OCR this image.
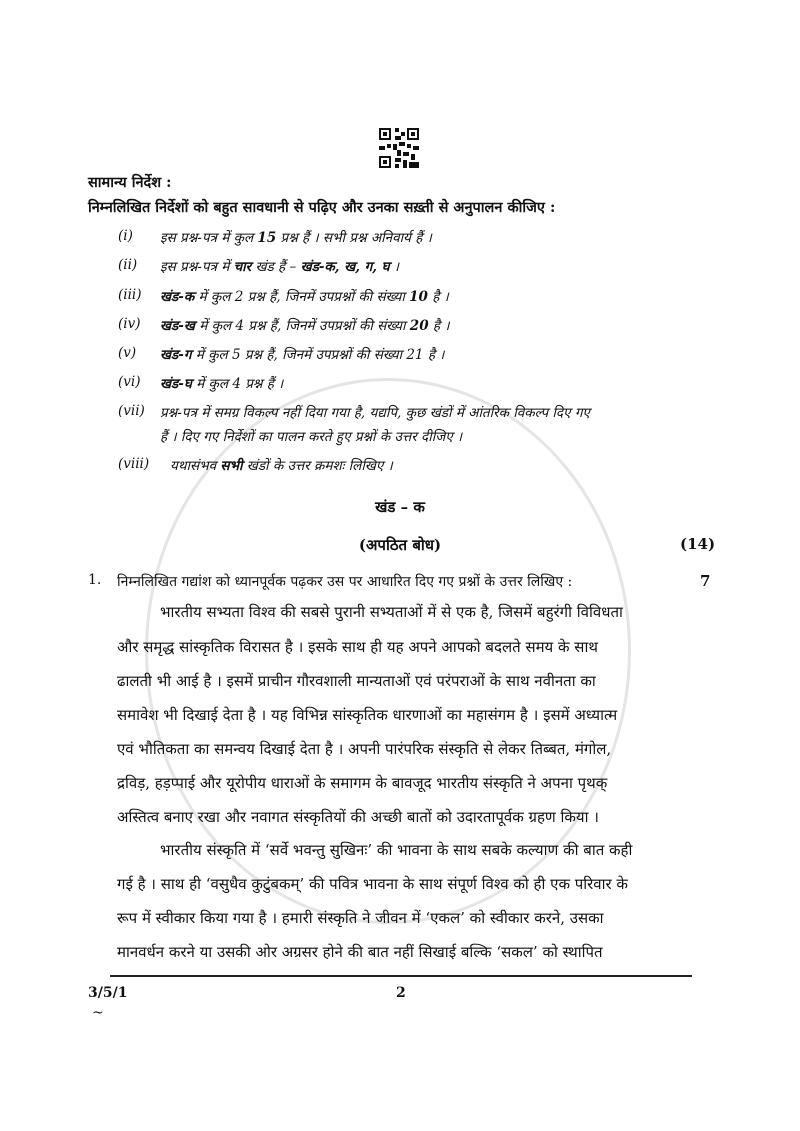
सामान्य निर्देश :
निम्नलिखित निर्देशों को बहुत सावधानी से पढ़िए और उनका सख़्ती से अनुपालन कीजिए :
(i) इस प्रश्न-पत्र में कुल 15 प्रश्न हैं । सभी प्रश्न अनिवार्य हैं ।
(ii) इस प्रश्न-पत्र में चार खंड हैं – खंड-क, ख, ग, घ ।
(iii) खंड-क में कुल 2 प्रश्न हैं, जिनमें उपप्रश्नों की संख्या 10 है ।
(iv) खंड-ख में कुल 4 प्रश्न हैं, जिनमें उपप्रश्नों की संख्या 20 है ।
(v) खंड-ग में कुल 5 प्रश्न हैं, जिनमें उपप्रश्नों की संख्या 21 है ।
(vi) खंड-घ में कुल 4 प्रश्न हैं ।
(vii) प्रश्न-पत्र में समग्र विकल्प नहीं दिया गया है, यद्यपि, कुछ खंडों में आंतरिक विकल्प दिए गए
हैं । दिए गए निर्देशों का पालन करते हुए प्रश्नों के उत्तर दीजिए ।
(viii) यथासंभव सभी खंडों के उत्तर क्रमशः लिखिए ।
खंड – क
(अपठित बोध)	(14)
1. निम्नलिखित गद्यांश को ध्यानपूर्वक पढ़कर उस पर आधारित दिए गए प्रश्नों के उत्तर लिखिए :	7
भारतीय सभ्यता विश्व की सबसे पुरानी सभ्यताओं में से एक है, जिसमें बहुरंगी विविधता
और समृद्ध सांस्कृतिक विरासत है । इसके साथ ही यह अपने आपको बदलते समय के साथ
ढालती भी आई है । इसमें प्राचीन गौरवशाली मान्यताओं एवं परंपराओं के साथ नवीनता का
समावेश भी दिखाई देता है । यह विभिन्न सांस्कृतिक धारणाओं का महासंगम है । इसमें अध्यात्म
एवं भौतिकता का समन्वय दिखाई देता है । अपनी पारंपरिक संस्कृति से लेकर तिब्बत, मंगोल,
द्रविड़, हड़प्पाई और यूरोपीय धाराओं के समागम के बावजूद भारतीय संस्कृति ने अपना पृथक्
अस्तित्व बनाए रखा और नवागत संस्कृतियों की अच्छी बातों को उदारतापूर्वक ग्रहण किया ।
भारतीय संस्कृति में ‘सर्वे भवन्तु सुखिनः’ की भावना के साथ सबके कल्याण की बात कही
गई है । साथ ही ‘वसुधैव कुटुंबकम्’ की पवित्र भावना के साथ संपूर्ण विश्व को ही एक परिवार के
रूप में स्वीकार किया गया है । हमारी संस्कृति ने जीवन में ‘एकल’ को स्वीकार करने, उसका
मानवर्धन करने या उसकी ओर अग्रसर होने की बात नहीं सिखाई बल्कि ‘सकल’ को स्थापित
3/5/1	2
~
